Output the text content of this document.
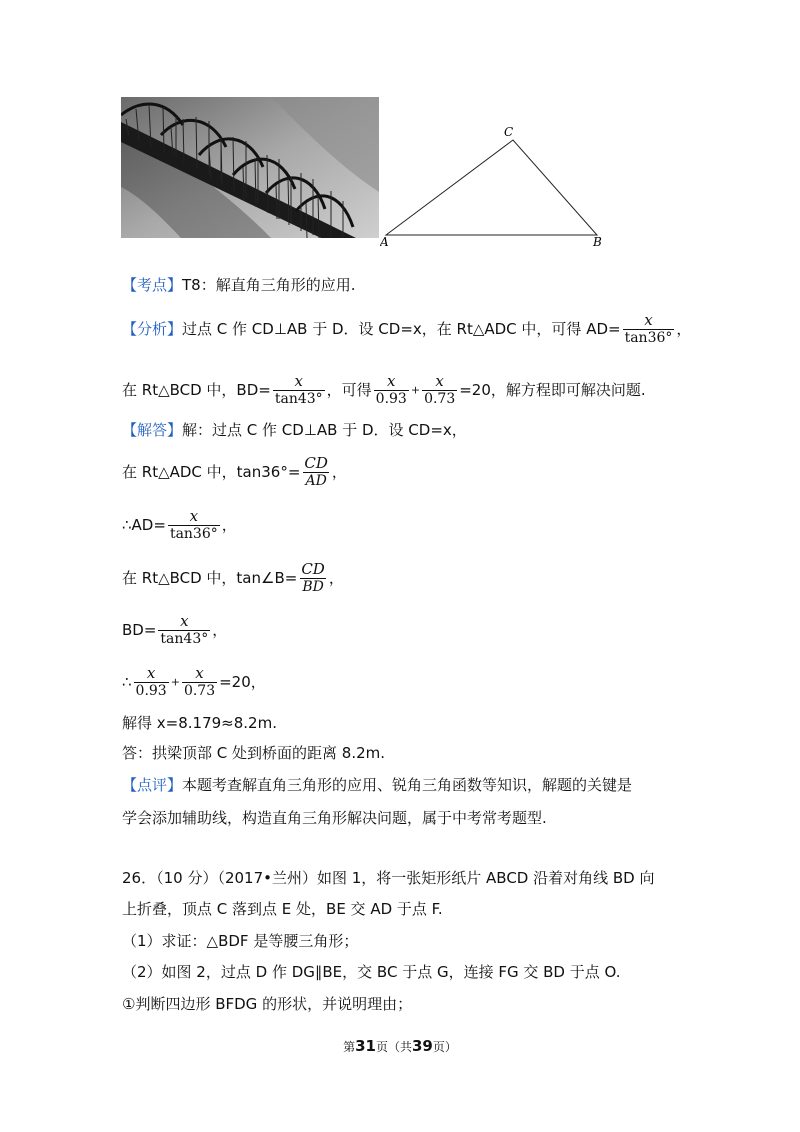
C
A	B
【考点】T8：解直角三角形的应用.
【分析】过点 C 作 CD⊥AB 于 D．设 CD=x，在 Rt△ADC 中，可得 $AD= \frac{x}{\tan 36^\circ}$ ，
在 Rt△BCD 中，$BD= \frac{x}{\tan 43^\circ}$ ，可得 $\frac{x}{0.93} + \frac{x}{0.73} =20$，解方程即可解决问题.
【解答】解：过点 C 作 CD⊥AB 于 D．设 CD=x，
在 Rt△ADC 中，$\tan 36^\circ= \frac{CD}{AD}$ ，
∴AD= $\frac{x}{\tan 36^\circ}$ ，
在 Rt△BCD 中，tan∠B= $\frac{CD}{BD}$ ，
$BD= \frac{x}{\tan 43^\circ}$ ，
∴ $\frac{x}{0.93} + \frac{x}{0.73} =20$，
解得 x=8.179≈8.2m.
答：拱梁顶部 C 处到桥面的距离 8.2m.
【点评】本题考查解直角三角形的应用、锐角三角函数等知识，解题的关键是
学会添加辅助线，构造直角三角形解决问题，属于中考常考题型.
26．（10 分）（2017•兰州）如图 1，将一张矩形纸片 ABCD 沿着对角线 BD 向
上折叠，顶点 C 落到点 E 处，BE 交 AD 于点 F.
（1）求证：△BDF 是等腰三角形；
（2）如图 2，过点 D 作 DG∥BE，交 BC 于点 G，连接 FG 交 BD 于点 O.
①判断四边形 BFDG 的形状，并说明理由；
第31页（共39页）
